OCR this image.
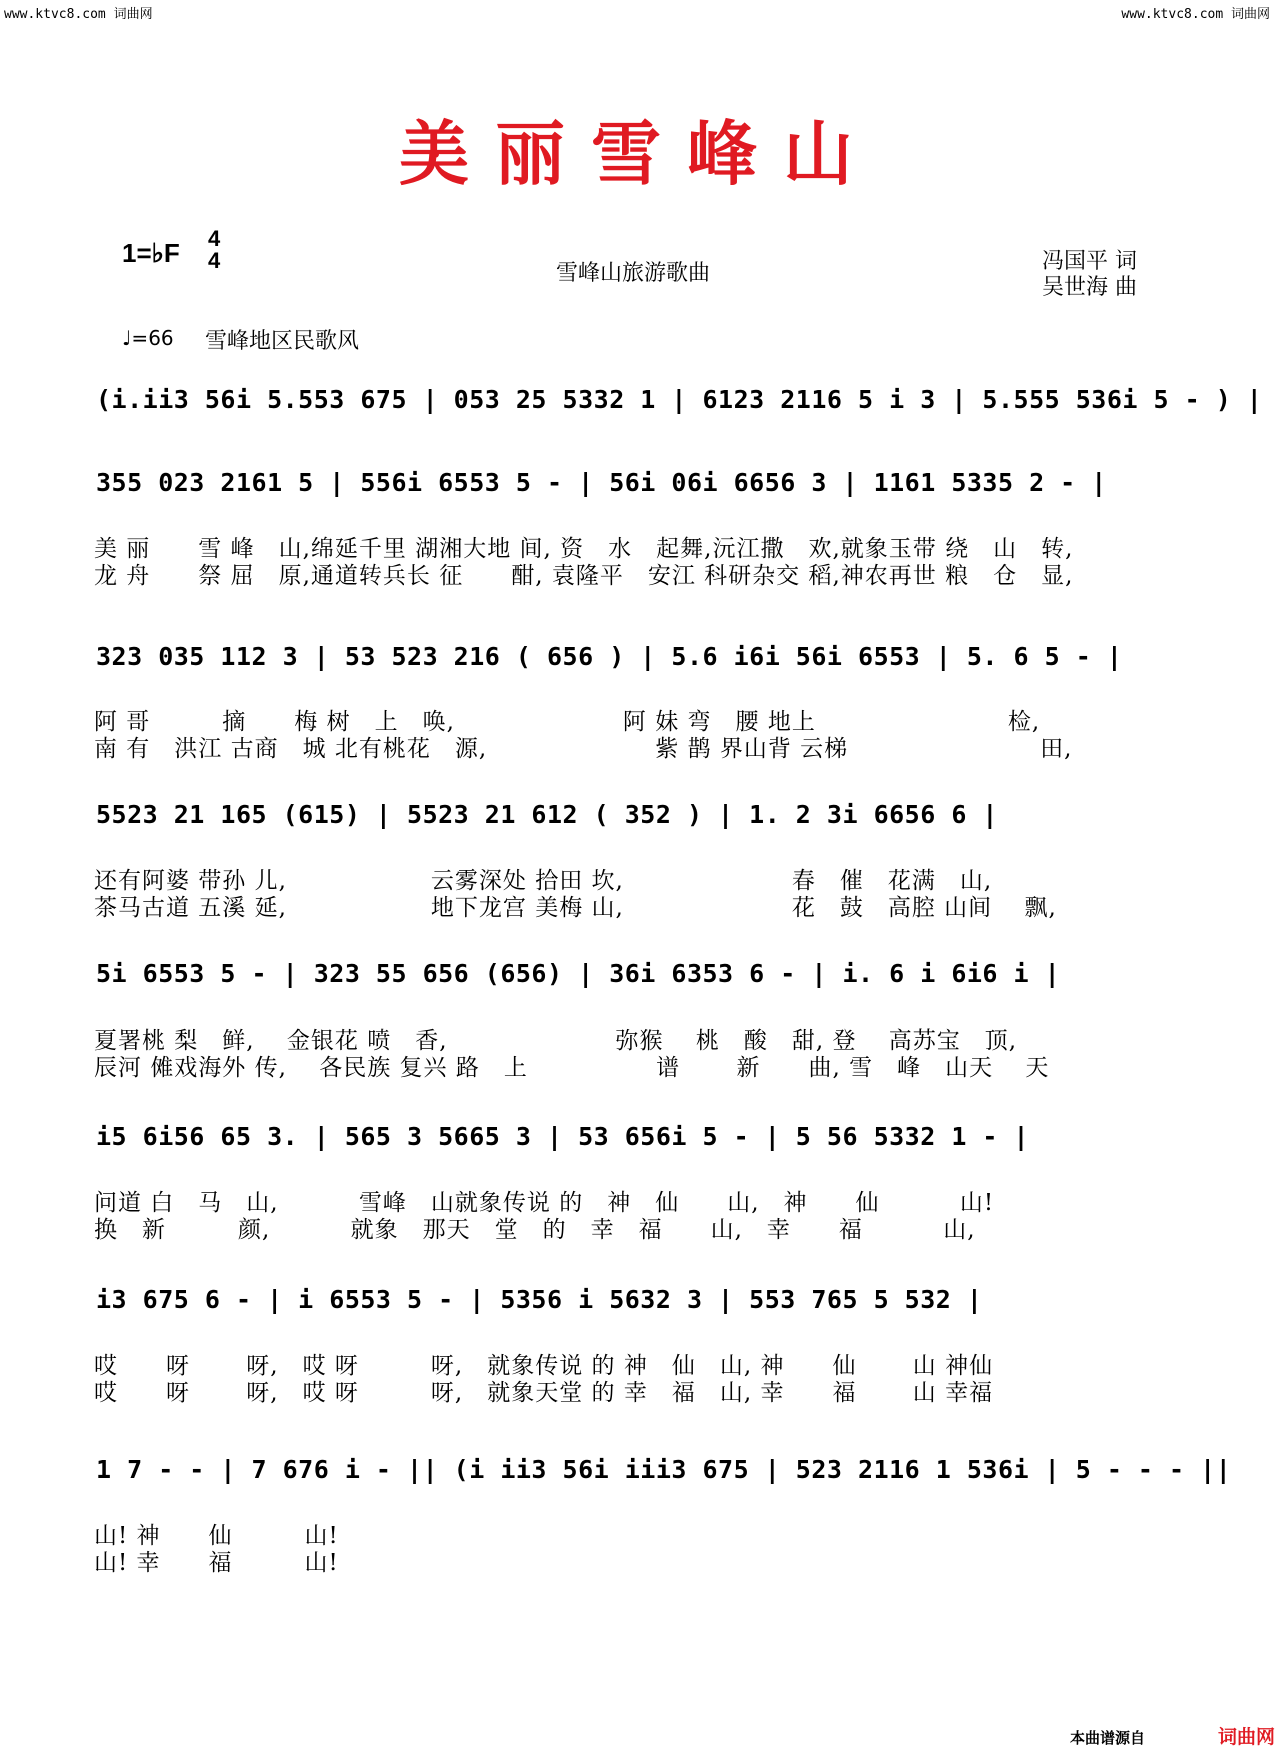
www.ktvc8.com 词曲网	www.ktvc8.com 词曲网
美丽雪峰山
1=♭F 4
4
雪峰山旅游歌曲	冯国平 词
吴世海 曲
♩=66 雪峰地区民歌风
(i.ii3 56i 5.553 675 | 053 25 5332 1 | 6123 2116 5 i 3 | 5.555 536i 5 - ) |
355 023 2161 5 | 556i 6553 5 - | 56i 06i 6656 3 | 1161 5335 2 - |
美 丽　　雪 峰　山,绵延千里 湖湘大地 间, 资　水　起舞,沅江撒　欢,就象玉带 绕　山　转,
龙 舟　　祭 屈　原,通道转兵长 征　　酣, 袁隆平　安江 科研杂交 稻,神农再世 粮　仓　显,
323 035 112 3 | 53 523 216 ( 656 ) | 5.6 i6i 56i 6553 | 5. 6 5 - |
阿 哥　　　摘　　梅 树　上　唤,　　　　　　　阿 妹 弯　腰 地上　　　　　　　　检,
南 有　洪江 古商　城 北有桃花　源,　　　　　　　紫 鹊 界山背 云梯　　　　　　　　田,
5523 21 165 (615) | 5523 21 612 ( 352 ) | 1. 2 3i 6656 6 |
还有阿婆 带孙 儿,　　　　　　云雾深处 拾田 坎,　　　　　　　春　催　花满　山,
茶马古道 五溪 延,　　　　　　地下龙宫 美梅 山,　　　　　　　花　鼓　高腔 山间　 飘,
5i 6553 5 - | 323 55 656 (656) | 36i 6353 6 - | i. 6 i 6i6 i |
夏署桃 梨　鲜,　 金银花 喷　香,　　　　　　　弥猴　 桃　酸　甜, 登　 高苏宝　顶,
辰河 傩戏海外 传,　 各民族 复兴 路　上　　　　　 谱　　 新　　曲, 雪　峰　山天　 天
i5 6i56 65 3. | 565 3 5665 3 | 53 656i 5 - | 5 56 5332 1 - |
问道 白　马　山,　　　 雪峰　山就象传说 的　神　仙　　山,　神　　仙　　　 山!
换　新　　　颜,　　　 就象　那天　堂　的　幸　福　　山,　幸　　福　　　 山,
i3 675 6 - | i 6553 5 - | 5356 i 5632 3 | 553 765 5 532 |
哎　　呀　　 呀,　哎 呀　　　呀,　就象传说 的 神　仙　山, 神　　仙　　 山 神仙
哎　　呀　　 呀,　哎 呀　　　呀,　就象天堂 的 幸　福　山, 幸　　福　　 山 幸福
1 7 - - | 7 676 i - || (i ii3 56i iii3 675 | 523 2116 1 536i | 5 - - - ||
山! 神　　仙　　　山!
山! 幸　　福　　　山!
本曲谱源自	词曲网
